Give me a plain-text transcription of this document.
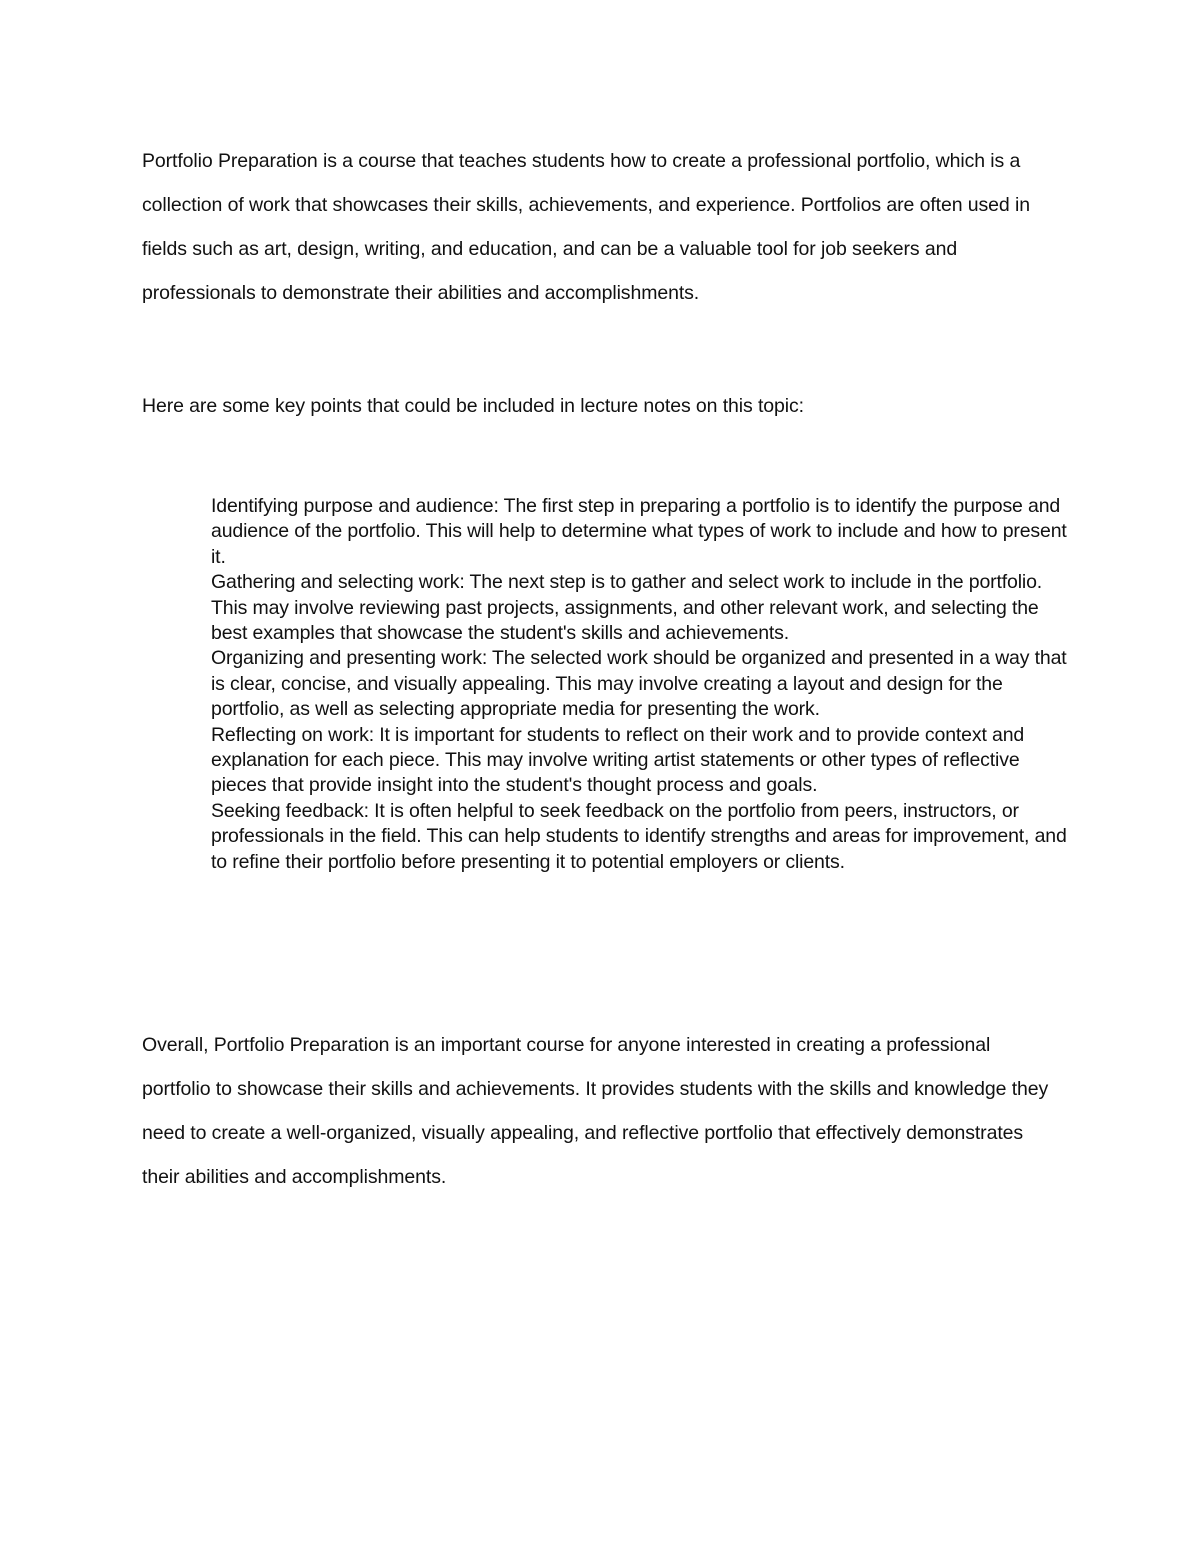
Portfolio Preparation is a course that teaches students how to create a professional portfolio, which is a collection of work that showcases their skills, achievements, and experience. Portfolios are often used in fields such as art, design, writing, and education, and can be a valuable tool for job seekers and professionals to demonstrate their abilities and accomplishments.

Here are some key points that could be included in lecture notes on this topic:

Identifying purpose and audience: The first step in preparing a portfolio is to identify the purpose and audience of the portfolio. This will help to determine what types of work to include and how to present it.
Gathering and selecting work: The next step is to gather and select work to include in the portfolio. This may involve reviewing past projects, assignments, and other relevant work, and selecting the best examples that showcase the student's skills and achievements.
Organizing and presenting work: The selected work should be organized and presented in a way that is clear, concise, and visually appealing. This may involve creating a layout and design for the portfolio, as well as selecting appropriate media for presenting the work.
Reflecting on work: It is important for students to reflect on their work and to provide context and explanation for each piece. This may involve writing artist statements or other types of reflective pieces that provide insight into the student's thought process and goals.
Seeking feedback: It is often helpful to seek feedback on the portfolio from peers, instructors, or professionals in the field. This can help students to identify strengths and areas for improvement, and to refine their portfolio before presenting it to potential employers or clients.

Overall, Portfolio Preparation is an important course for anyone interested in creating a professional portfolio to showcase their skills and achievements. It provides students with the skills and knowledge they need to create a well-organized, visually appealing, and reflective portfolio that effectively demonstrates their abilities and accomplishments.
